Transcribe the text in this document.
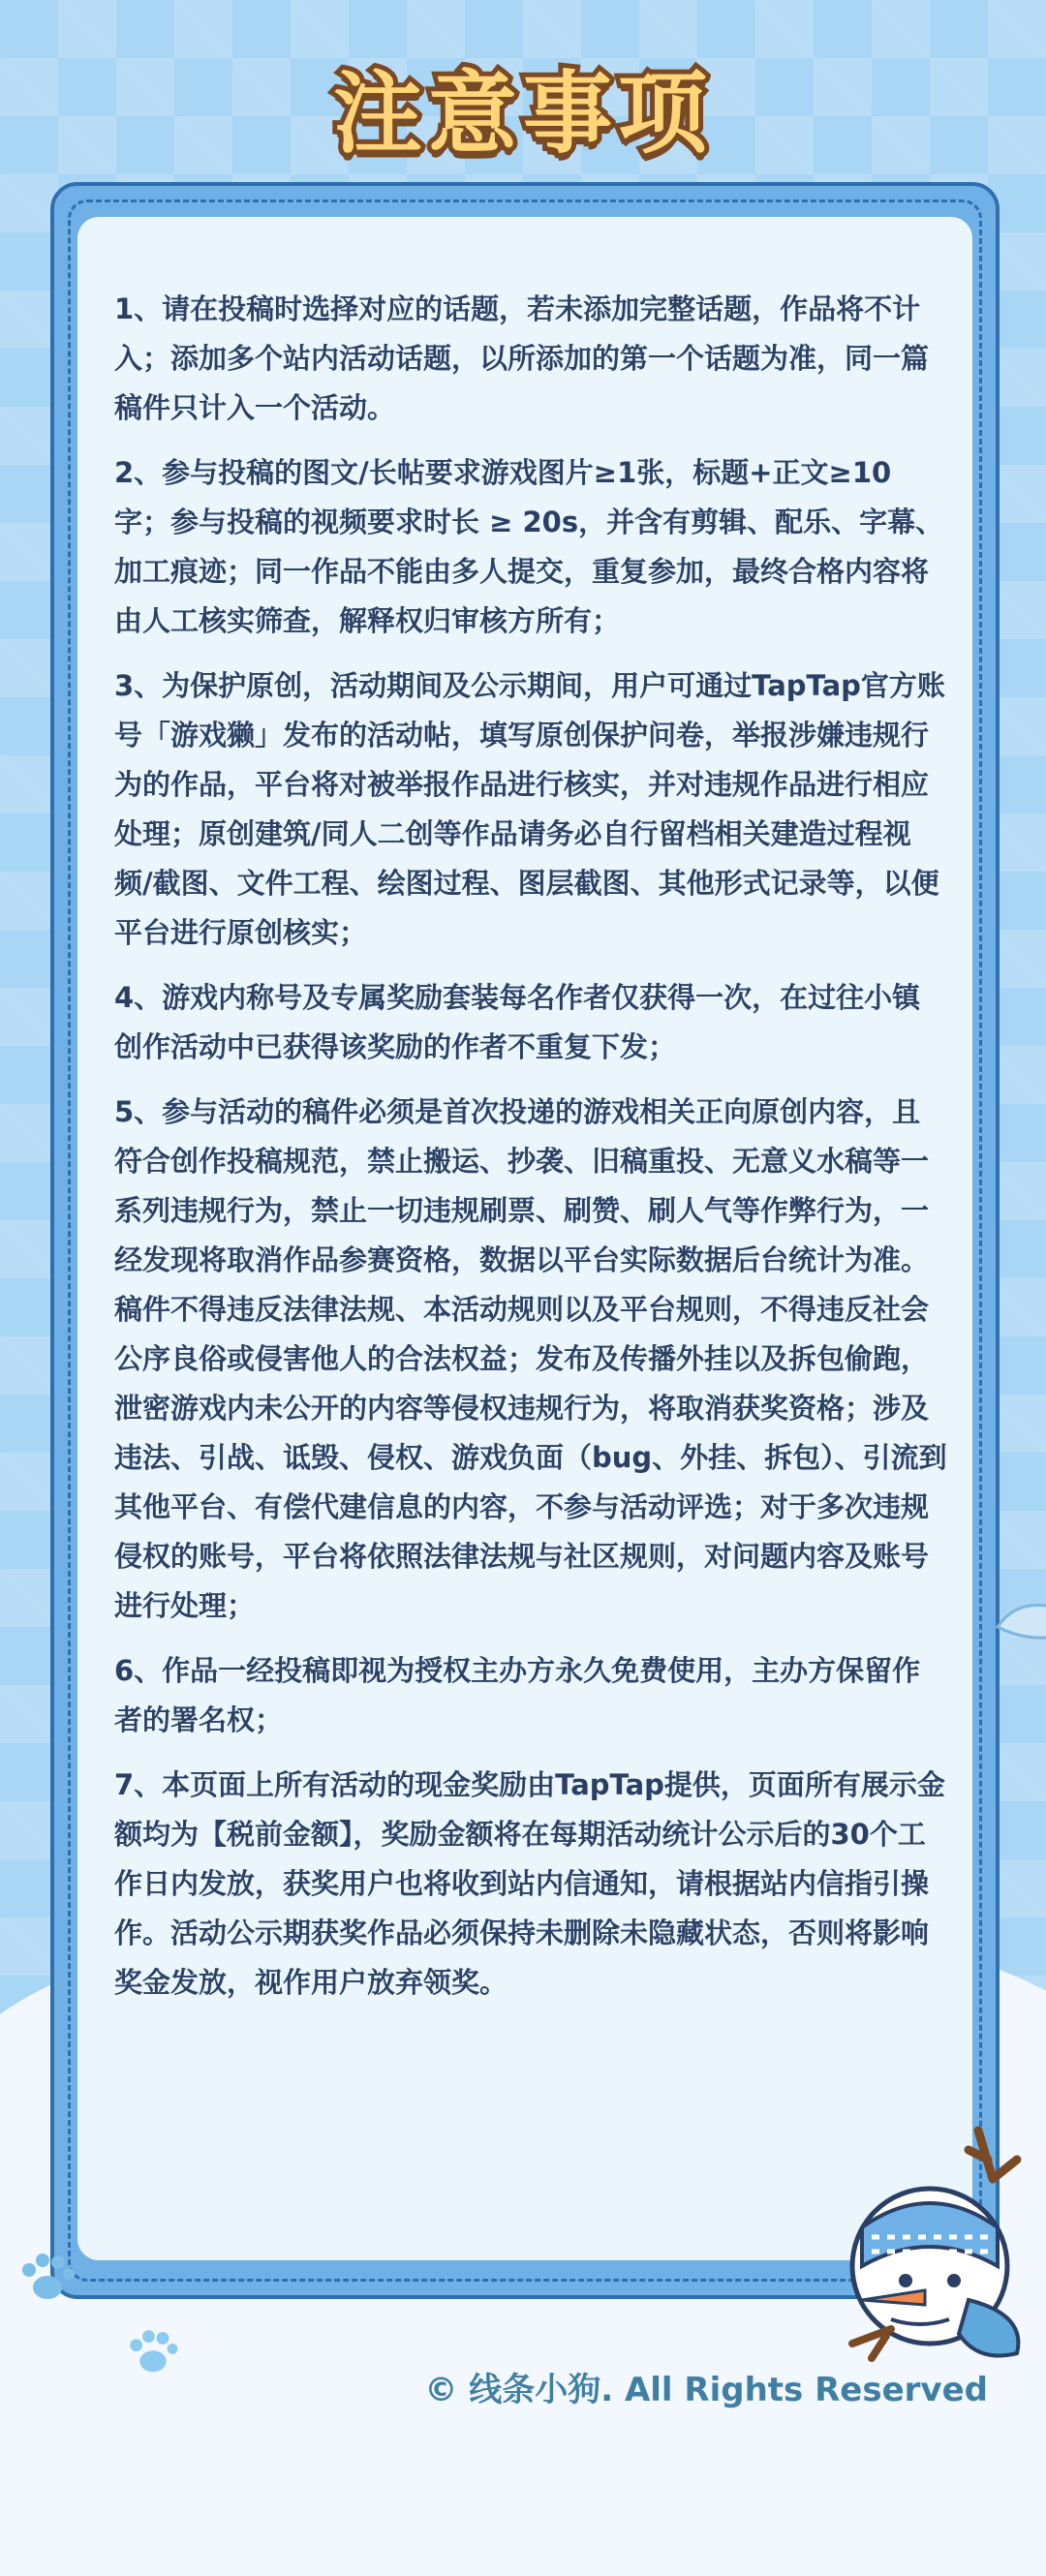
注意事项

1、请在投稿时选择对应的话题，若未添加完整话题，作品将不计入；添加多个站内活动话题，以所添加的第一个话题为准，同一篇稿件只计入一个活动。

2、参与投稿的图文/长帖要求游戏图片≥1张，标题+正文≥10字；参与投稿的视频要求时长 ≥ 20s，并含有剪辑、配乐、字幕、加工痕迹；同一作品不能由多人提交，重复参加，最终合格内容将由人工核实筛查，解释权归审核方所有；

3、为保护原创，活动期间及公示期间，用户可通过TapTap官方账号「游戏獭」发布的活动帖，填写原创保护问卷，举报涉嫌违规行为的作品，平台将对被举报作品进行核实，并对违规作品进行相应处理；原创建筑/同人二创等作品请务必自行留档相关建造过程视频/截图、文件工程、绘图过程、图层截图、其他形式记录等，以便平台进行原创核实；

4、游戏内称号及专属奖励套装每名作者仅获得一次，在过往小镇创作活动中已获得该奖励的作者不重复下发；

5、参与活动的稿件必须是首次投递的游戏相关正向原创内容，且符合创作投稿规范，禁止搬运、抄袭、旧稿重投、无意义水稿等一系列违规行为，禁止一切违规刷票、刷赞、刷人气等作弊行为，一经发现将取消作品参赛资格，数据以平台实际数据后台统计为准。稿件不得违反法律法规、本活动规则以及平台规则，不得违反社会公序良俗或侵害他人的合法权益；发布及传播外挂以及拆包偷跑，泄密游戏内未公开的内容等侵权违规行为，将取消获奖资格；涉及违法、引战、诋毁、侵权、游戏负面（bug、外挂、拆包）、引流到其他平台、有偿代建信息的内容，不参与活动评选；对于多次违规侵权的账号，平台将依照法律法规与社区规则，对问题内容及账号进行处理；

6、作品一经投稿即视为授权主办方永久免费使用，主办方保留作者的署名权；

7、本页面上所有活动的现金奖励由TapTap提供，页面所有展示金额均为【税前金额】，奖励金额将在每期活动统计公示后的30个工作日内发放，获奖用户也将收到站内信通知，请根据站内信指引操作。活动公示期获奖作品必须保持未删除未隐藏状态，否则将影响奖金发放，视作用户放弃领奖。

© 线条小狗. All Rights Reserved
